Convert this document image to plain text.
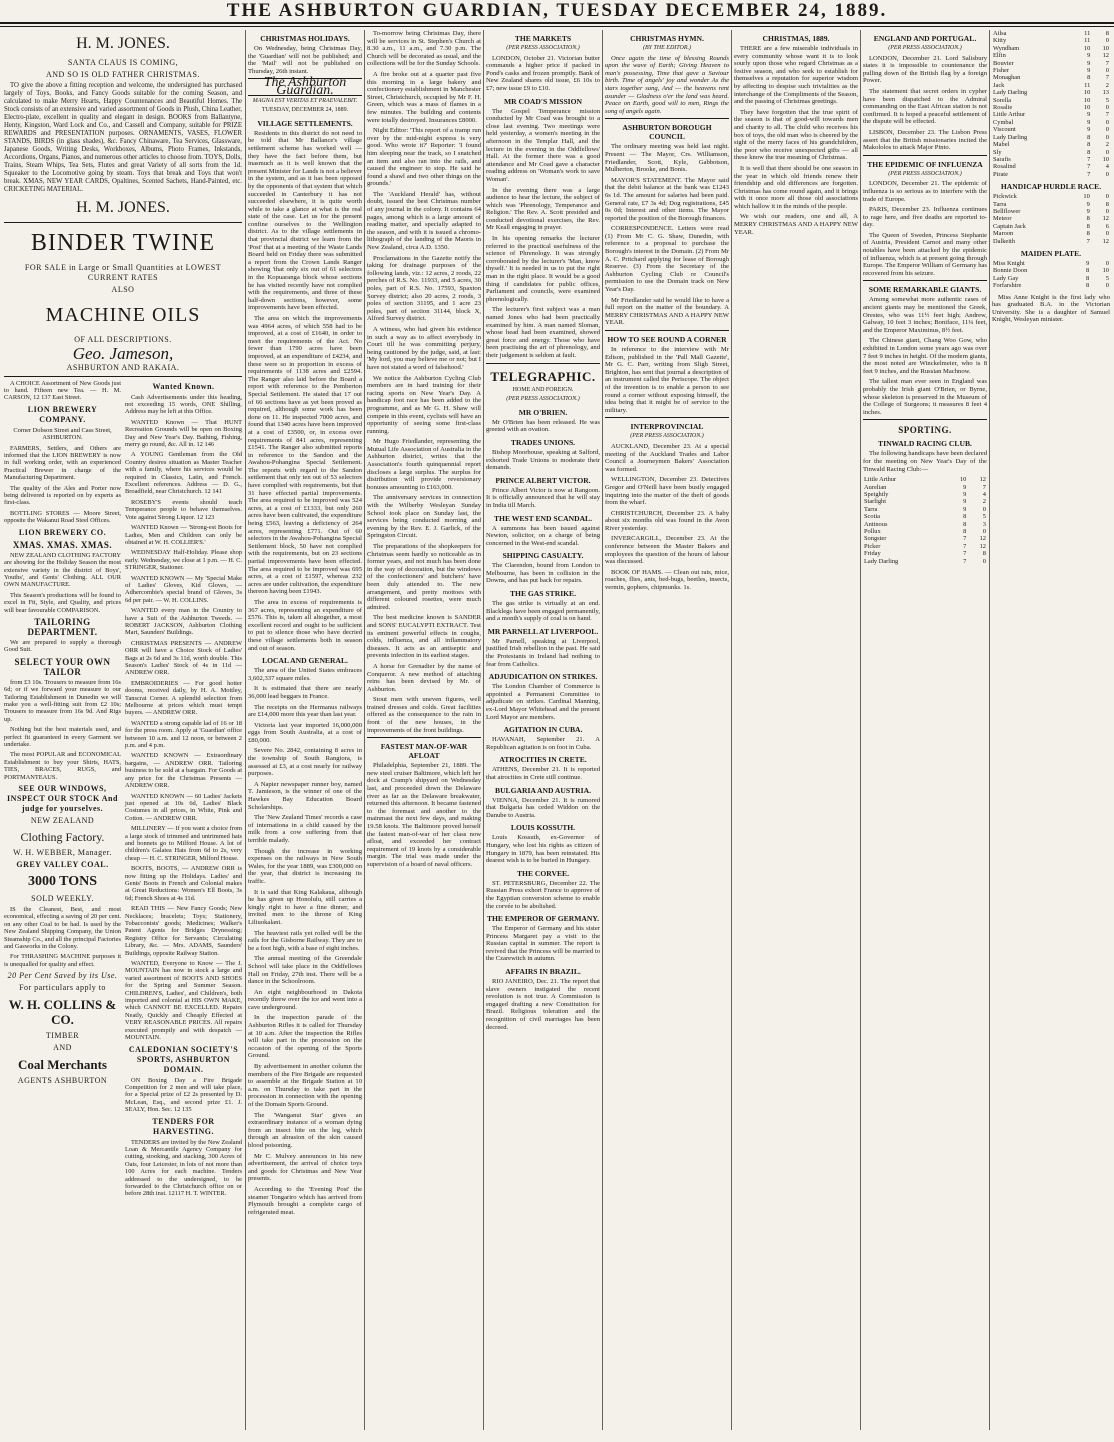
THE ASHBURTON GUARDIAN, TUESDAY DECEMBER 24, 1889.
H. M. JONES.
SANTA CLAUS IS COMING,
AND SO IS OLD FATHER CHRISTMAS.

TO give the above a fitting reception and welcome, the undersigned has purchased largely of Toys, Books, and Fancy Goods suitable for the coming Season, and calculated to make Merry Hearts, Happy Countenances and Beautiful Homes. The Stock consists of an extensive and varied assortment of Goods in Plush, China Leather, Electro-plate, excellent in quality and elegant in design. BOOKS from Ballantyne, Henty, Kingston, Ward Lock and Co., and Cassell and Company, suitable for PRIZE REWARDS and PRESENTATION purposes. ORNAMENTS, VASES, FLOWER STANDS, BIRDS (in glass shades), &c. Fancy Chinaware, Tea Services, Glassware, Japanese Goods, Writing Desks, Workboxes, Albums, Photo Frames, Inkstands, Accordions, Organs, Pianos, and numerous other articles to choose from. TOYS, Dolls, Trains, Steam Whips, Tea Sets, Flutes and great Variety of all sorts from the 1d. Squeaker to the Locomotive going by steam. Toys that break and Toys that won't break. XMAS, NEW YEAR CARDS, Opaltines, Scented Sachets, Hand-Painted, etc. CRICKETING MATERIAL.

H. M. JONES.
BINDER TWINE
FOR SALE in Large or Small Quantities at LOWEST CURRENT RATES
ALSO
MACHINE OILS
OF ALL DESCRIPTIONS.
Geo. Jameson,
ASHBURTON AND RAKAIA.

A CHOICE Assortment of New Goods just to hand. Fifteen new Tea. — H. M. CARSON, 12 137 East Street.

LION BREWERY COMPANY.

Corner Dobson Street and Cass Street, ASHBURTON.

FARMERS, Settlers, and Others are informed that the LION BREWERY is now in full working order, with an experienced Practical Brewer in charge of the Manufacturing Department.

The quality of the Ales and Porter now being delivered is reported on by experts as first-class.

BOTTLING STORES — Moore Street, opposite the Wakanui Road Steel Offices.

LION BREWERY CO.
XMAS. XMAS. XMAS.

NEW ZEALAND CLOTHING FACTORY are showing for the Holiday Season the most extensive variety in the district of Boys', Youths', and Gents' Clothing. ALL OUR OWN MANUFACTURE.

This Season's productions will be found to excel in Fit, Style, and Quality, and prices will bear favourable COMPARISON.

TAILORING DEPARTMENT.

We are prepared to supply a thorough Good Suit.

SELECT YOUR OWN TAILOR

from £3 10s. Trousers to measure from 16s 6d; or if we forward your measure to our Tailoring Establishment in Dunedin we will make you a well-fitting suit from £2 10s; Trousers to measure from 16s 9d. And Rigs up.

Nothing but the best materials used, and perfect fit guaranteed in every Garment we undertake.

The most POPULAR and ECONOMICAL Establishment to buy your Shirts, HATS, TIES, BRACES, RUGS, and PORTMANTEAUS.

SEE OUR WINDOWS, INSPECT OUR STOCK And judge for yourselves.
NEW ZEALAND
Clothing Factory.
W. H. WEBBER, Manager.
GREY VALLEY COAL.
3000 TONS
SOLD WEEKLY.

IS the Cleanest, Best, and most economical, effecting a saving of 20 per cent. on any other Coal to be had. Is used by the New Zealand Shipping Company, the Union Steamship Co., and all the principal Factories and Gasworks in the Colony.

For THRASHING MACHINE purposes it is unequalled for quality and effect.

20 Per Cent Saved by its Use.
For particulars apply to
W. H. COLLINS & CO.
TIMBER
AND
Coal Merchants
AGENTS ASHBURTON
Wanted Known.

Cash Advertisements under this heading, not exceeding 15 words, ONE Shilling. Address may be left at this Office.

WANTED Known — That HUNT Recreation Grounds will be open on Boxing Day and New Year's Day. Bathing, Fishing, merry go round, &c. All in. 12 146

A YOUNG Gentleman from the Old Country desires situation as Master Teacher with a family, where his services would be required in Classics, Latin, and French. Excellent references. Address — D. G., Broadfield, near Christchurch. 12 141

ROSEBY'S events should teach Temperance people to behave themselves. Vote against Strong Liquor. 12 123

WANTED Known — 'Strong-est Boots for Ladies, Men and Children can only be obtained at W. H. COLLIER'S.'

WEDNESDAY Half-Holiday. Please shop early. Wednesday, we close at 1 p.m. — H. C. STRINGER, Stationer.

WANTED KNOWN — My 'Special Make of Ladies' Gloves, Kid Gloves, — Adhercombie's special brand of Gloves, 3s 6d per pair. — W. H. COLLINS.

WANTED every man in the Country to have a Suit of the Ashburton Tweeds. — ROBERT JACKSON, Ashburton Clothing Mart, Saunders' Buildings.

CHRISTMAS PRESENTS — ANDREW ORR will have a Choice Stock of Ladies' Bags at 2s 6d and 3s 11d, worth double. This Season's Ladies' Stock of 4s in 11d — ANDREW ORR.

EMBROIDERIES — For good hotter dooms, received daily, by H. A. Mottley, Tanscrat Corner. A splendid selection from Melbourne at prices which must tempt buyers. — ANDREW ORR.

WANTED a strong capable lad of 16 or 18 for the press room. Apply at 'Guardian' office between 10 a.m. and 12 noon, or between 2 p.m. and 4 p.m.

WANTED KNOWN — Extraordinary bargains, — ANDREW ORR. Tailoring business to be sold at a bargain. For Goods at any price for the Christmas Presents — ANDREW ORR.

WANTED KNOWN — 60 Ladies' Jackets just opened at 10s 6d, Ladies' Black Costumes in all prices, in White, Pink and Cotton. — ANDREW ORR.

MILLINERY — If you want a choice from a large stock of trimmed and untrimmed hats and bonnets go to Milford House. A lot of children's Galatea Hats from 6d to 2s, very cheap — H. C. STRINGER, Milford House.

BOOTS, BOOTS, — ANDREW ORR is now fitting up the Holidays. Ladies' and Gents' Boots in French and Colonial makes at Great Reductions: Women's Ell Boots, 3s 6d; French Shoes at 4s 11d.

READ THIS — New Fancy Goods; New Necklaces; bracelets; Toys; Stationery, Tobacconists' goods; Medicines; Walker's Patent Agents for Bridges Drynessing; Registry Office for Servants; Circulating Library, &c. — Mrs. ADAMS, Saunders' Buildings, opposite Railway Station.

WANTED, Everyone to Know — The J. MOUNTAIN has now in stock a large and varied assortment of BOOTS AND SHOES for the Spring and Summer Season. CHILDREN'S, Ladies', and Children's, both imported and colonial at HIS OWN MAKE, which CANNOT BE EXCELLED. Repairs Neatly, Quickly and Cheaply Effected at VERY REASONABLE PRICES. All repairs executed promptly and with despatch — MOUNTAIN.

CALEDONIAN SOCIETY'S SPORTS, ASHBURTON DOMAIN.

ON Boxing Day a Fire Brigade Competition for 2 men and will take place, for a Special prize of £2 2s presented by D. McLean, Esq., and second prize £1. J. SEALY, Hon. Sec. 12 135

TENDERS FOR HARVESTING.

TENDERS are invited by the New Zealand Loan & Mercantile Agency Company for cutting, stooking, and stacking, 300 Acres of Oats, four Leicester, in lots of not more than 100 Acres for each machine. Tenders addressed to the undersigned, to be forwarded to the Christchurch office on or before 28th inst. 12117 H. T. WINTER.

CHRISTMAS HOLIDAYS.

On Wednesday, being Christmas Day, the 'Guardian' will not be published; and the 'Mail' will not be published on Thursday, 26th instant.

The Ashburton Guardian.
MAGNA EST VERITAS ET PRAEVALEBIT.
TUESDAY, DECEMBER 24, 1889.
VILLAGE SETTLEMENTS.

Residents in this district do not need to be told that Mr Ballance's village settlement scheme has worked well — they have the fact before them, but inasmuch as it is well known that the present Minister for Lands is not a believer in the system, and as it has been opposed by the opponents of that system that which succeeded in Canterbury it has not succeeded elsewhere, it is quite worth while to take a glance at what is the real state of the case. Let us for the present confine ourselves to the Wellington district. As to the village settlements in that provincial district we learn from the 'Post' that at a meeting of the Waste Lands Board held on Friday there was submitted a report from the Crown Lands Ranger showing 'that only six out of 61 selectors in the Kopuaranga block whose sections he has visited recently have not complied with the requirements, and three of these half-down sections, however, some improvements have been effected.

The area on which the improvements was 4964 acres, of which 558 had to be improved, at a cost of £1640, in order to meet the requirements of the Act. No fewer than 1790 acres have been improved, at an expenditure of £4234, and these were so in proportion in excess of requirements of 1138 acres and £2594. The Ranger also laid before the Board a report with reference to the Pemberton Special Settlement. He stated that 17 out of 66 sections have as yet been proved as required, although some work has been done on 11. He inspected 7000 acres, and found that 1340 acres have been improved at a cost of £3500, or, in excess over requirements of 841 acres, representing £1541. The Ranger also submitted reports in reference to the Sandon and the Awahou-Pohangina Special Settlement. The reports with regard to the Sandon settlement that only ten out of 53 selectors have complied with requirements, but that 31 have effected partial improvements. The area required to be improved was 524 acres, at a cost of £1333, but only 260 acres have been cultivated, the expenditure being £563, leaving a deficiency of 264 acres, representing £771. Out of 60 selectors in the Awahou-Pohangina Special Settlement block, 50 have not complied with the requirements, but on 23 sections partial improvements have been effected. The area required to be improved was 695 acres, at a cost of £1597, whereas 232 acres are under cultivation, the expenditure thereon having been £1943.

The area in excess of requirements is 367 acres, representing an expenditure of £576. This is, taken all altogether, a most excellent record and ought to be sufficient to put to silence those who have decried these village settlements both in season and out of season.

LOCAL AND GENERAL.

The area of the United States embraces 3,602,337 square miles.

It is estimated that there are nearly 36,000 lead beggars in France.

The receipts on the Hermanus railways are £14,000 more this year than last year.

Victoria last year imported 16,000,000 eggs from South Australia, at a cost of £80,000.

Severe No. 2842, containing 8 acres in the township of South Rangiora, is assessed at £3, at a cost nearly for railway purposes.

A Napier newspaper runner boy, named T. Jamieson, is the winner of one of the Hawkes Bay Education Board Scholarships.

The 'New Zealand Times' records a case of internationa in a child caused by the milk from a cow suffering from that terrible malady.

Though the increase in working expenses on the railways in New South Wales, for the year 1889, was £300,000 on the year, that district is increasing its traffic.

It is said that King Kalakaua, although he has given up Honolulu, still carries a kingly right to have a fine dinner, and invited men to the throne of King Liliuokalani.

The heaviest rails yet rolled will be the rails for the Gisborne Railway. They are to be a foot high, with a base of eight inches.

The annual meeting of the Greendale School will take place in the Oddfellows Hall on Friday, 27th inst. There will be a dance in the Schoolroom.

An eight neighbourhood in Dakota recently threw over the ice and went into a cave underground.

In the inspection parade of the Ashburton Rifles it is called for Thursday at 10 a.m. After the inspection the Rifles will take part in the procession on the occasion of the opening of the Sports Ground.

By advertisement in another column the members of the Fire Brigade are requested to assemble at the Brigade Station at 10 a.m. on Thursday to take part in the procession in connection with the opening of the Domain Sports Ground.

The 'Wanganui Star' gives an extraordinary instance of a woman dying from an insect bite on the leg, which through an abrasion of the skin caused blood poisoning.

Mr C. Mulvey announces in his new advertisement, the arrival of choice toys and goods for Christmas and New Year presents.

According to the 'Evening Post' the steamer Tongariro which has arrived from Plymouth brought a complete cargo of refrigerated meat.

To-morrow being Christmas Day, there will be services in St. Stephen's Church at 8.30 a.m., 11 a.m., and 7.30 p.m. The Church will be decorated as usual, and the collections will be for the Sunday Schools.

A fire broke out at a quarter past five this morning in a large bakery and confectionery establishment in Manchester Street, Christchurch, occupied by Mr F. H. Green, which was a mass of flames in a few minutes. The building and contents were totally destroyed. Insurances £8000.

Night Editor: 'This report of a tramp run over by the mid-night express is very good. Who wrote it?' Reporter: 'I found him sleeping near the track, so I snatched an item and also ran into the rails, and caused the engineer to stop. He said he found a shawl and two other things on the grounds.'

The 'Auckland Herald' has, without doubt, issued the best Christmas number of any journal in the colony. It contains 64 pages, among which is a large amount of reading matter, and specially adapted to the season, and with it is issued a chromo-lithograph of the landing of the Maoris in New Zealand, circa A.D. 1350.

Proclamations in the Gazette notify the taking for drainage purposes of the following lands, viz.: 12 acres, 2 roods, 22 perches of R.S. No. 11933, and 5 acres, 30 poles, part of R.S. No. 17593, Spaxton Survey district; also 20 acres, 2 roods, 3 poles of section 31195, and 1 acre 23 poles, part of section 31144, block X, Alford Survey district.

A witness, who had given his evidence in such a way as to affect everybody in Court till he was committing perjury, being cautioned by the judge, said, at last: 'My lord, you may believe me or not; but I have not stated a word of falsehood.'

We notice the Ashburton Cycling Club members are in hard training for their racing sports on New Year's Day. A handicap foot race has been added to the programme, and as Mr G. H. Shaw will compete in this event, cyclists will have an opportunity of seeing some first-class running.

Mr Hugo Friedlander, representing the Mutual Life Association of Australia in the Ashburton district, writes that the Association's fourth quinquennial report discloses a large surplus. The surplus for distribution will provide reversionary bonuses amounting to £163,000.

The anniversary services in connection with the Wilberby Wesleyan Sunday School took place on Sunday last, the services being conducted morning and evening by the Rev. E. J. Garlick, of the Springston Circuit.

The preparations of the shopkeepers for Christmas seem hardly so noticeable as in former years, and not much has been done in the way of decoration, but the windows of the confectioners' and butchers' have been duly attended to. The new arrangement, and pretty mottoes with different coloured rosettes, were much admired.

The best medicine known is SANDER and SONS' EUCALYPTI EXTRACT. Test its eminent powerful effects in coughs, colds, influenza, and all inflammatory diseases. It acts as an antiseptic and prevents infection in its earliest stages.

A horse for Grenadier by the name of Conqueror. A new method of attaching reins has been devised by Mr. of Ashburton.

Stout men with uneven figures, well trained dresses and colds. Great facilities offered as the consequence to the rain in front of the new houses, in the improvements of the front buildings.

FASTEST MAN-OF-WAR AFLOAT

Philadelphia, September 21, 1889. The new steel cruiser Baltimore, which left her dock at Cramp's shipyard on Wednesday last, and proceeded down the Delaware river as far as the Delaware breakwater, returned this afternoon. It became fastened to the foremast and another to the mainmast the next few days, and making 19.58 knots. The Baltimore proved herself the fastest man-of-war of her class now afloat, and exceeded her contract requirement of 19 knots by a considerable margin. The trial was made under the supervision of a board of naval officers.

THE MARKETS
(PER PRESS ASSOCIATION.)

LONDON, October 21. Victorian butter commands a higher price if packed in Pond's casks and frozen promptly. Bank of New Zealand shares old issue, £6 10s to £7; new issue £9 to £10.

MR COAD'S MISSION

The Gospel Temperance mission conducted by Mr Coad was brought to a close last evening. Two meetings were held yesterday, a women's meeting in the afternoon in the Templar Hall, and the lecture in the evening in the Oddfellows' Hall. At the former there was a good attendance and Mr Coad gave a character reading address on 'Woman's work to save Woman'.

In the evening there was a large audience to hear the lecture, the subject of which was 'Phrenology, Temperance and Religion.' The Rev. A. Scott presided and conducted devotional exercises, the Rev. Mr Keall engaging in prayer.

In his opening remarks the lecturer referred to the practical usefulness of the science of Phrenology. It was strongly corroborated by the lecturer's 'Man, know thyself.' It is needed in us to put the right man in the right place. It would be a good thing if candidates for public offices, Parliament and councils, were examined phrenologically.

The lecturer's first subject was a man named Jones who had been practically examined by him. A man named Sloman, whose head had been examined, showed great force and energy. Those who have been practising the art of phrenology, and their judgement is seldom at fault.

TELEGRAPHIC.
HOME AND FOREIGN.
(PER PRESS ASSOCIATION.)
MR O'BRIEN.

Mr O'Brien has been released. He was greeted with an ovation.

TRADES UNIONS.

Bishop Moorhouse, speaking at Salford, exhorted Trade Unions to moderate their demands.

PRINCE ALBERT VICTOR.

Prince Albert Victor is now at Rangoon. It is officially announced that he will stay in India till March.

THE WEST END SCANDAL.

A summons has been issued against Newton, solicitor, on a charge of being concerned in the West-end scandal.

SHIPPING CASUALTY.

The Clarendon, bound from London to Melbourne, has been in collision in the Downs, and has put back for repairs.

THE GAS STRIKE.

The gas strike is virtually at an end. Blacklegs have been engaged permanently, and a month's supply of coal is on hand.

MR PARNELL AT LIVERPOOL.

Mr Parnell, speaking at Liverpool, justified Irish rebellion in the past. He said the Protestants in Ireland had nothing to fear from Catholics.

ADJUDICATION ON STRIKES.

The London Chamber of Commerce is appointed a Permanent Committee to adjudicate on strikes. Cardinal Manning, ex-Lord Mayor Whitehead and the present Lord Mayor are members.

AGITATION IN CUBA.

HAVANAH, September 21. A Republican agitation is on foot in Cuba.

ATROCITIES IN CRETE.

ATHENS, December 21. It is reported that atrocities in Crete still continue.

BULGARIA AND AUSTRIA.

VIENNA, December 21. It is rumored that Bulgaria has ceded Widdon on the Danube to Austria.

LOUIS KOSSUTH.

Louis Kossuth, ex-Governor of Hungary, who lost his rights as citizen of Hungary in 1879, has been reinstated. His dearest wish is to be buried in Hungary.

THE CORVEE.

ST. PETERSBURG, December 22. The Russian Press exhort France to approve of the Egyptian conversion scheme to enable the corvée to be abolished.

THE EMPEROR OF GERMANY.

The Emperor of Germany and his sister Princess Margaret pay a visit to the Russian capital in summer. The report is revived that the Princess will be married to the Czarewitch in autumn.

AFFAIRS IN BRAZIL.

RIO JANEIRO, Dec. 21. The report that slave owners instigated the recent revolution is not true. A Commission is engaged drafting a new Constitution for Brazil. Religious toleration and the recognition of civil marriages has been decreed.

CHRISTMAS HYMN.
(BY THE EDITOR.)

Once again the time of blessing Rounds upon the wave of Earth; Giving Heaven to man's possessing, Time that gave a Saviour birth. Time of angels' joy and wonder As the stars together sang, And — the heavens rent asunder — Gladness o'er the land was heard. Peace on Earth, good will to men, Rings the song of angels again.

ASHBURTON BOROUGH COUNCIL

The ordinary meeting was held last night. Present — The Mayor, Crs. Williamson, Friedlander, Scott, Kyle, Gabbotson, Mulherton, Brooke, and Bonis.

MAYOR'S STATEMENT. The Mayor said that the debit balance at the bank was £1243 6s 1d. The amount for salaries had been paid. General rate, £7 3s 4d; Dog registrations, £45 0s 0d; Interest and other items. The Mayor reported the position of the Borough finances.

CORRESPONDENCE. Letters were read (1) From Mr C. G. Shaw, Dunedin, with reference to a proposal to purchase the Borough's interest in the Domain. (2) From Mr A. C. Pritchard applying for lease of Borough Reserve. (3) From the Secretary of the Ashburton Cycling Club re Council's permission to use the Domain track on New Year's Day.

Mr Friedlander said he would like to have a full report on the matter of the boundary. A MERRY CHRISTMAS AND A HAPPY NEW YEAR.

HOW TO SEE ROUND A CORNER

In reference to the interview with Mr Edison, published in the 'Pall Mall Gazette', Mr G. C. Parr, writing from Sligh Street, Brighton, has sent that journal a description of an instrument called the Periscope. The object of the invention is to enable a person to see round a corner without exposing himself, the idea being that it might be of service to the military.

INTERPROVINCIAL
(PER PRESS ASSOCIATION.)

AUCKLAND, December 23. At a special meeting of the Auckland Trades and Labor Council a Journeymen Bakers' Association was formed.

WELLINGTON, December 23. Detectives Gregor and O'Neill have been busily engaged inquiring into the matter of the theft of goods from the wharf.

CHRISTCHURCH, December 23. A baby about six months old was found in the Avon River yesterday.

INVERCARGILL, December 23. At the conference between the Master Bakers and employees the question of the hours of labour was discussed.

BOOK OF HAMS. — Clean out rats, mice, roaches, flies, ants, bed-bugs, beetles, insects, vermin, gophers, chipmunks. 1s.

CHRISTMAS, 1889.

THERE are a few miserable individuals in every community whose want it is to look sourly upon those who regard Christmas as a festive season, and who seek to establish for themselves a reputation for superior wisdom by affecting to despise such trivialities as the interchange of the Compliments of the Season, and the passing of Christmas greetings.

They have forgotten that the true spirit of the season is that of good-will towards men and charity to all. The child who receives his box of toys, the old man who is cheered by the sight of the merry faces of his grandchildren, the poor who receive unexpected gifts — all these know the true meaning of Christmas.

It is well that there should be one season in the year in which old friends renew their friendship and old differences are forgotten. Christmas has come round again, and it brings with it once more all those old associations which hallow it in the minds of the people.

We wish our readers, one and all, A MERRY CHRISTMAS AND A HAPPY NEW YEAR.

ENGLAND AND PORTUGAL.
(PER PRESS ASSOCIATION.)

LONDON, December 21. Lord Salisbury states it is impossible to countenance the pulling down of the British flag by a foreign Power.

The statement that secret orders in cypher have been dispatched to the Admiral commanding on the East African station is not confirmed. It is hoped a peaceful settlement of the dispute will be effected.

LISBON, December 23. The Lisbon Press assert that the British missionaries incited the Makololos to attack Major Pinto.

THE EPIDEMIC OF INFLUENZA
(PER PRESS ASSOCIATION.)

LONDON, December 21. The epidemic of influenza is so serious as to interfere with the trade of Europe.

PARIS, December 23. Influenza continues to rage here, and five deaths are reported to-day.

The Queen of Sweden, Princess Stephanie of Austria, President Carnot and many other notables have been attacked by the epidemic of influenza, which is at present going through Europe. The Emperor William of Germany has recovered from his seizure.

SOME REMARKABLE GIANTS.

Among somewhat more authentic cases of ancient giants may be mentioned the Greek, Orestes, who was 11½ feet high; Andrew, Galway, 10 feet 3 inches; Boniface, 11¼ feet, and the Emperor Maximinus, 8½ feet.

The Chinese giant, Chang Woo Gow, who exhibited in London some years ago was over 7 feet 9 inches in height. Of the modern giants, the most noted are Winckelmeier, who is 8 feet 9 inches, and the Russian Machnow.

The tallest man ever seen in England was probably the Irish giant O'Brien, or Byrne, whose skeleton is preserved in the Museum of the College of Surgeons; it measures 8 feet 4 inches.

SPORTING.
TINWALD RACING CLUB.

The following handicaps have been declared for the meeting on New Year's Day of the Tinwald Racing Club:—

Little Arthur	10	12
Aurelian	9	7
Speightly	9	4
Starlight	9	2
Tarra	9	0
Scotia	8	5
Antinous	8	3
Pollux	8	0
Songster	7	12
Picker	7	12
Friday	7	8
Lady Darling	7	0
Ailsa	11	8
Kitty	11	0
Wyndham	10	10
Elfin	9	12
Bouvier	9	7
Fisher	9	0
Monaghan	8	7
Jack	11	2
Lady Darling	10	13
Sorella	10	5
Rosalie	10	0
Little Arthur	9	7
Cymbal	9	0
Viscount	9	0
Lady Darling	8	0
Mabel	8	2
Sly	8	0
Sarafis	7	10
Rosalind	7	4
Pirate	7	0
HANDICAP HURDLE RACE.
Pickwick	10	0
Tarra	9	8
Bellflower	9	0
Meteor	8	12
Captain Jack	8	6
Maroon	8	0
Dalkeith	7	12
MAIDEN PLATE.
Miss Knight	9	0
Bonnie Doon	8	10
Lady Gay	8	5
Forfarshire	8	0

Miss Anne Knight is the first lady who has graduated B.A. in the Victorian University. She is a daughter of Samuel Knight, Wesleyan minister.
